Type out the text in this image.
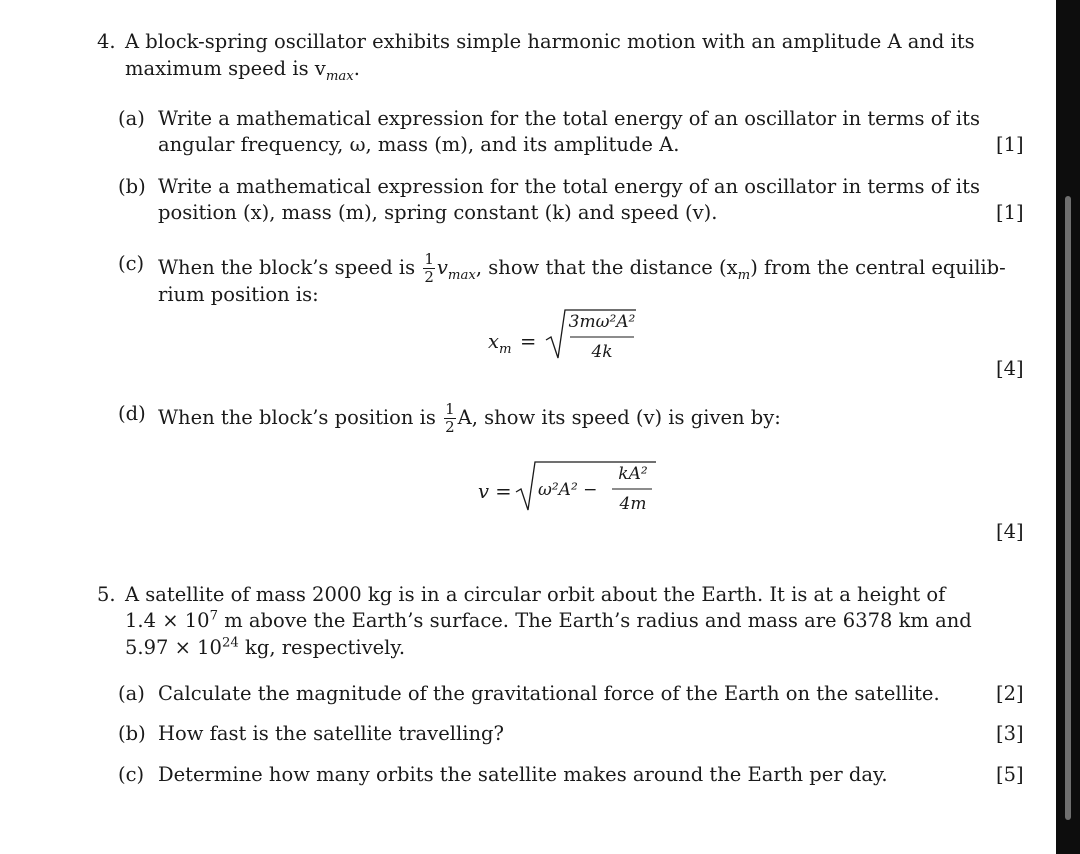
4. A block-spring oscillator exhibits simple harmonic motion with an amplitude A and its
maximum speed is $v_{max}$.
(a) Write a mathematical expression for the total energy of an oscillator in terms of its
angular frequency, ω, mass (m), and its amplitude A.	[1]
(b) Write a mathematical expression for the total energy of an oscillator in terms of its
position (x), mass (m), spring constant (k) and speed (v).	[1]
(c) When the block’s speed is $\frac{1}{2} v_{max}$, show that the distance $(x_m)$ from the central equilib-
rium position is:
$x_m$ =
3mω²A²
4k
[4]
(d) When the block’s position is $\frac{1}{2} A$, show its speed (v) is given by:
v = ω²A² −
kA²
4m
[4]
5. A satellite of mass 2000 kg is in a circular orbit about the Earth. It is at a height of
$1.4 \times 10^7$ m above the Earth’s surface. The Earth’s radius and mass are 6378 km and
$5.97 \times 10^{24}$ kg, respectively.
(a) Calculate the magnitude of the gravitational force of the Earth on the satellite.	[2]
(b) How fast is the satellite travelling?	[3]
(c) Determine how many orbits the satellite makes around the Earth per day.	[5]
